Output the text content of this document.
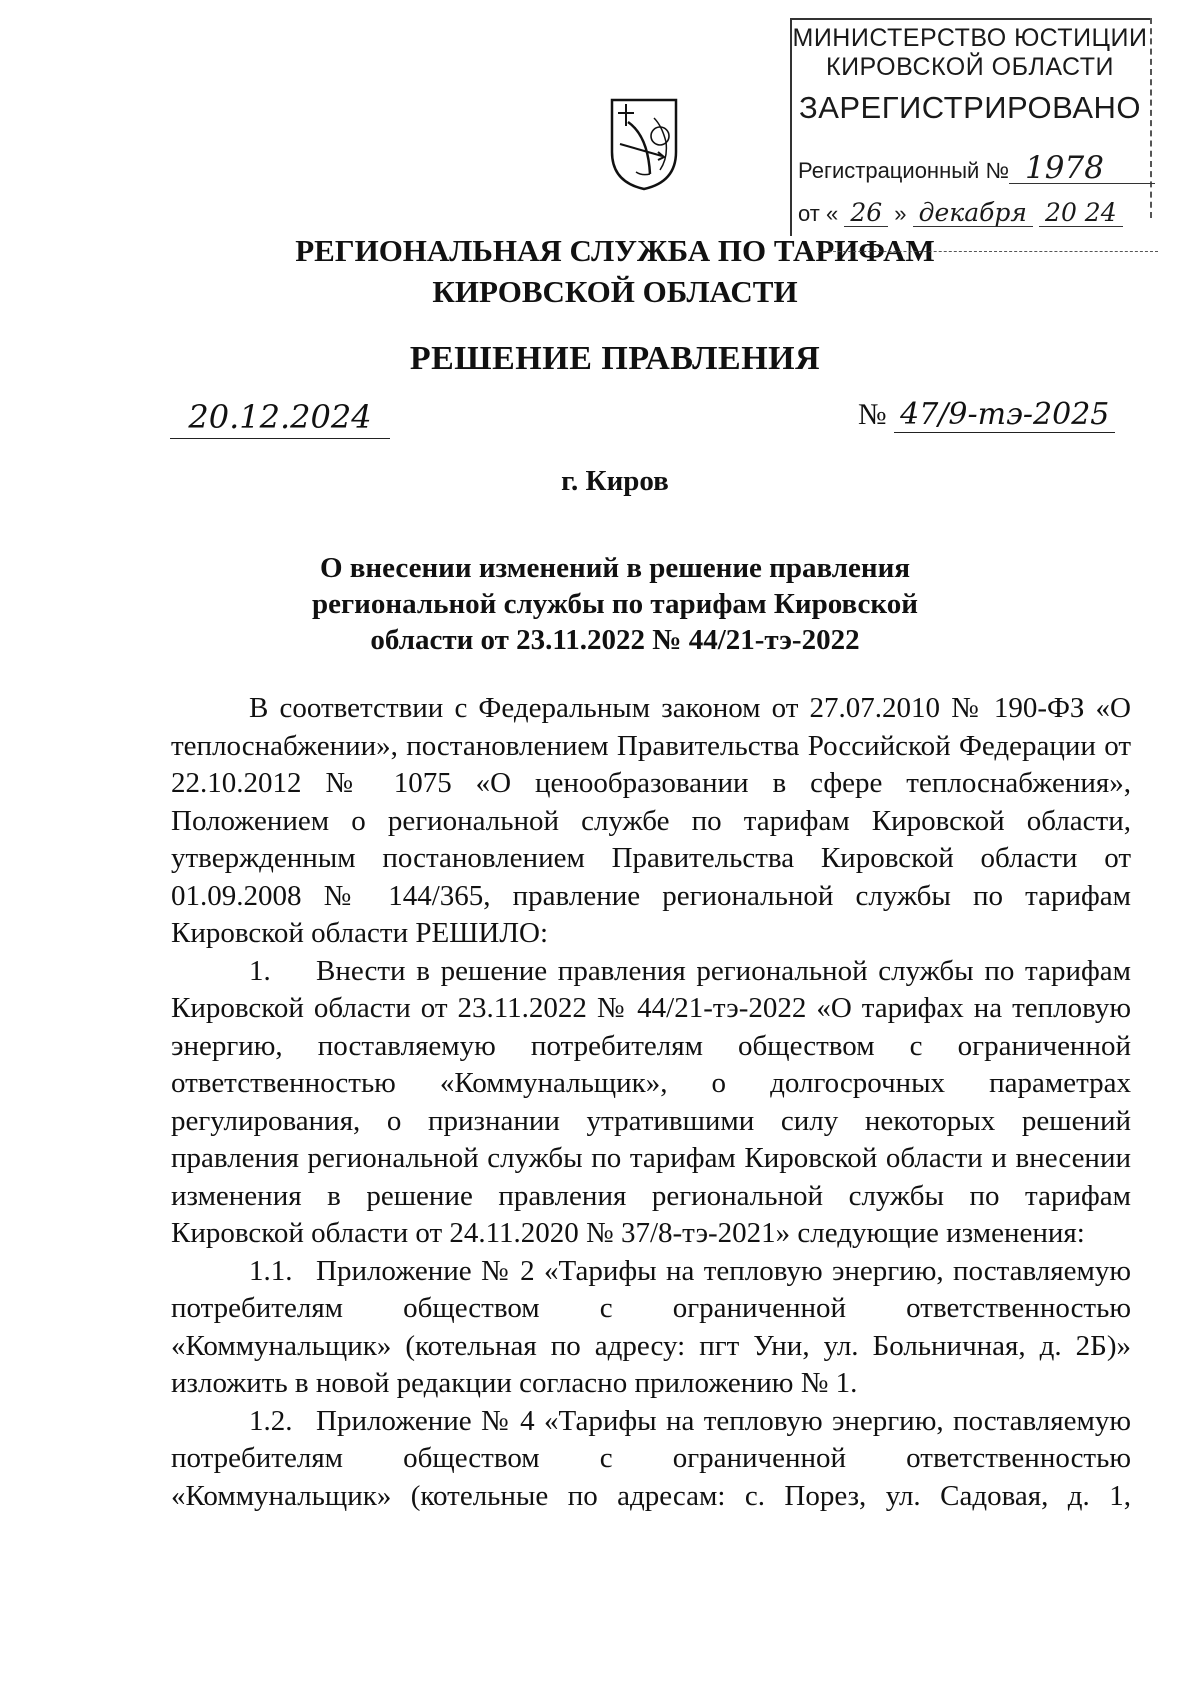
МИНИСТЕРСТВО ЮСТИЦИИ
КИРОВСКОЙ ОБЛАСТИ
ЗАРЕГИСТРИРОВАНО
Регистрационный № 1978
от « 26 » декабря 20 24
РЕГИОНАЛЬНАЯ СЛУЖБА ПО ТАРИФАМ
КИРОВСКОЙ ОБЛАСТИ
РЕШЕНИЕ ПРАВЛЕНИЯ
20.12.2024	№ 47/9-тэ-2025
г. Киров
О внесении изменений в решение правления
региональной службы по тарифам Кировской
области от 23.11.2022 № 44/21-тэ-2022

В соответствии с Федеральным законом от 27.07.2010 № 190-ФЗ «О теплоснабжении», постановлением Правительства Российской Федерации от 22.10.2012 № 1075 «О ценообразовании в сфере теплоснабжения», Положением о региональной службе по тарифам Кировской области, утвержденным постановлением Правительства Кировской области от 01.09.2008 № 144/365, правление региональной службы по тарифам Кировской области РЕШИЛО:

1.	Внести в решение правления региональной службы по тарифам Кировской области от 23.11.2022 № 44/21-тэ-2022 «О тарифах на тепловую энергию, поставляемую потребителям обществом с ограниченной ответственностью «Коммунальщик», о долгосрочных параметрах регулирования, о признании утратившими силу некоторых решений правления региональной службы по тарифам Кировской области и внесении изменения в решение правления региональной службы по тарифам Кировской области от 24.11.2020 № 37/8-тэ-2021» следующие изменения:
1.1. Приложение № 2 «Тарифы на тепловую энергию, поставляемую потребителям обществом с ограниченной ответственностью «Коммунальщик» (котельная по адресу: пгт Уни, ул. Больничная, д. 2Б)» изложить в новой редакции согласно приложению № 1.
1.2. Приложение № 4 «Тарифы на тепловую энергию, поставляемую потребителям обществом с ограниченной ответственностью «Коммунальщик» (котельные по адресам: с. Порез, ул. Садовая, д. 1,
